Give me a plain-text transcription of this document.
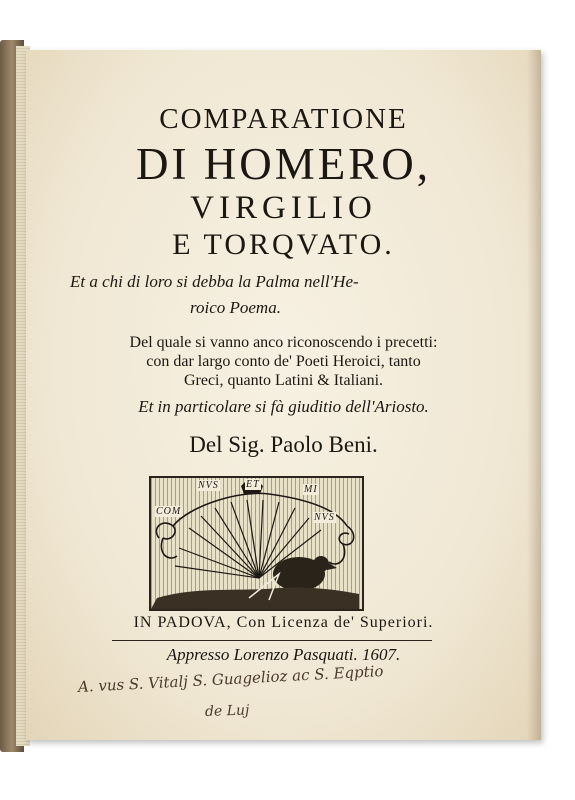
COMPARATIONE
DI HOMERO,
VIRGILIO
E TORQVATO.
Et a chi di loro si debba la Palma nell'He-
roico Poema.
Del quale si vanno anco riconoscendo i precetti:
con dar largo conto de' Poeti Heroici, tanto
Greci, quanto Latini & Italiani.
Et in particolare si fà giuditio dell'Ariosto.
Del Sig. Paolo Beni.
NVS	ET
COM
MI
NVS
IN PADOVA, Con Licenza de' Superiori.
Appresso Lorenzo Pasquati. 1607.
A. vus S. Vitalj S. Guagelioz ac S. Eqptio
de Luj
